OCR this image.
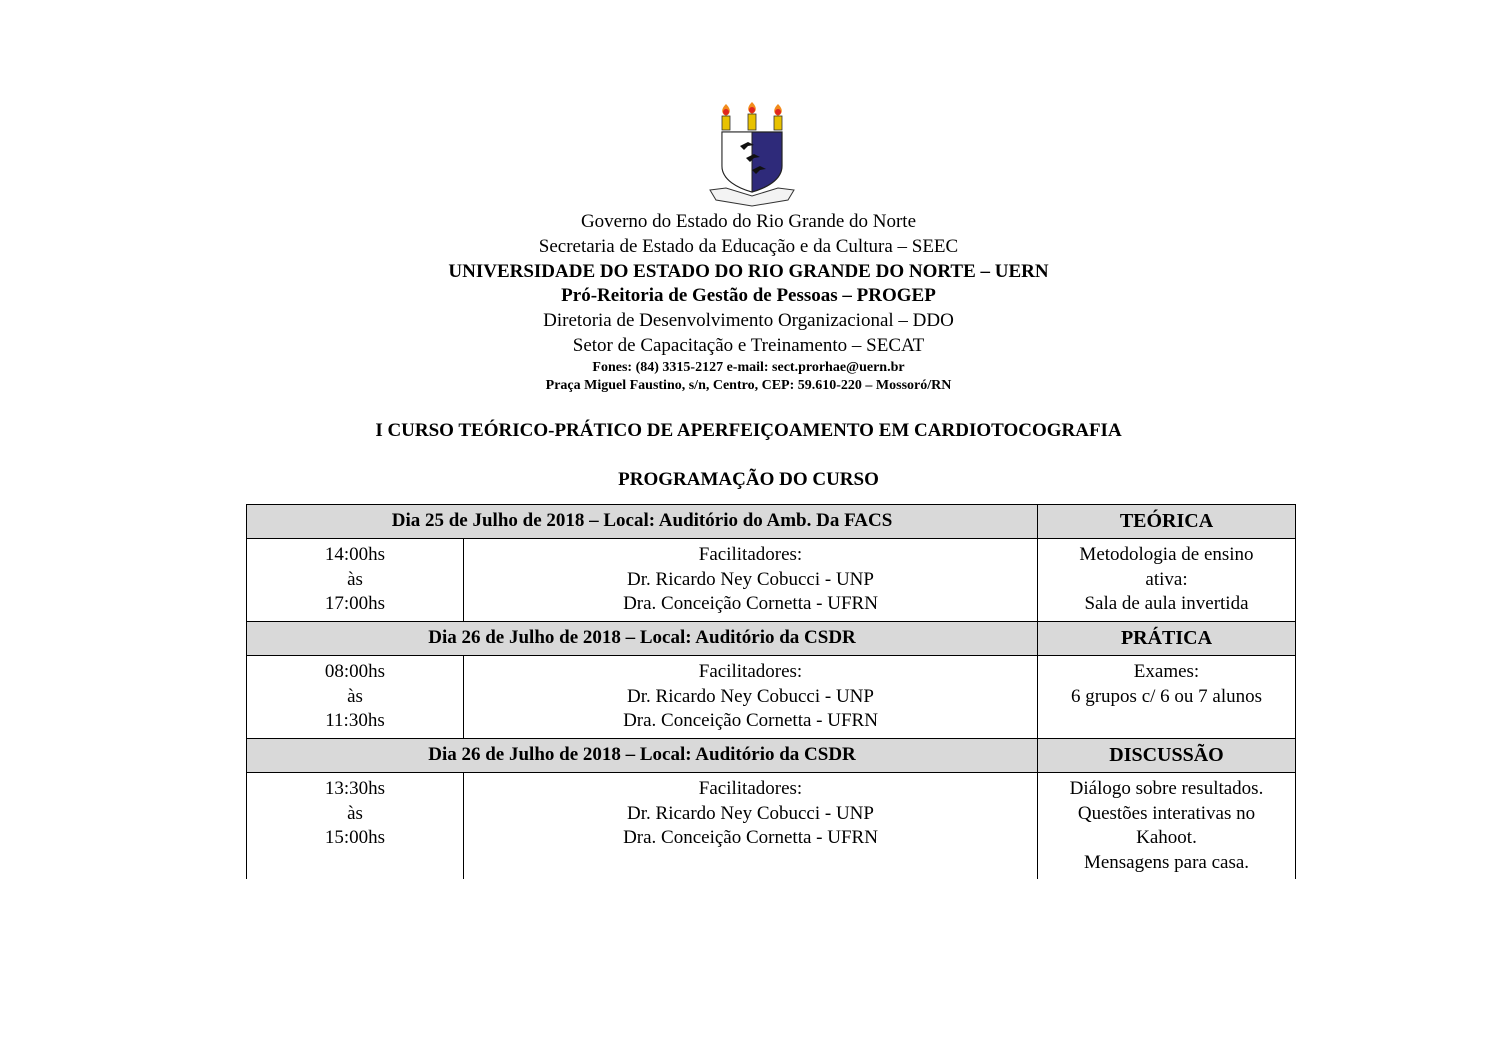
Governo do Estado do Rio Grande do Norte
Secretaria de Estado da Educação e da Cultura – SEEC
UNIVERSIDADE DO ESTADO DO RIO GRANDE DO NORTE – UERN
Pró-Reitoria de Gestão de Pessoas – PROGEP
Diretoria de Desenvolvimento Organizacional – DDO
Setor de Capacitação e Treinamento – SECAT
Fones: (84) 3315-2127 e-mail: sect.prorhae@uern.br
Praça Miguel Faustino, s/n, Centro, CEP: 59.610-220 – Mossoró/RN
I CURSO TEÓRICO-PRÁTICO DE APERFEIÇOAMENTO EM CARDIOTOCOGRAFIA
PROGRAMAÇÃO DO CURSO
Dia 25 de Julho de 2018 – Local: Auditório do Amb. Da FACS		TEÓRICA

14:00hs
às
17:00hs	Facilitadores:
Dr. Ricardo Ney Cobucci - UNP
Dra. Conceição Cornetta - UFRN	Metodologia de ensino
ativa:
Sala de aula invertida

Dia 26 de Julho de 2018 – Local: Auditório da CSDR		PRÁTICA

08:00hs
às
11:30hs	Facilitadores:
Dr. Ricardo Ney Cobucci - UNP
Dra. Conceição Cornetta - UFRN	Exames:
6 grupos c/ 6 ou 7 alunos

Dia 26 de Julho de 2018 – Local: Auditório da CSDR		DISCUSSÃO

13:30hs
às
15:00hs	Facilitadores:
Dr. Ricardo Ney Cobucci - UNP
Dra. Conceição Cornetta - UFRN	Diálogo sobre resultados.
Questões interativas no
Kahoot.
Mensagens para casa.
